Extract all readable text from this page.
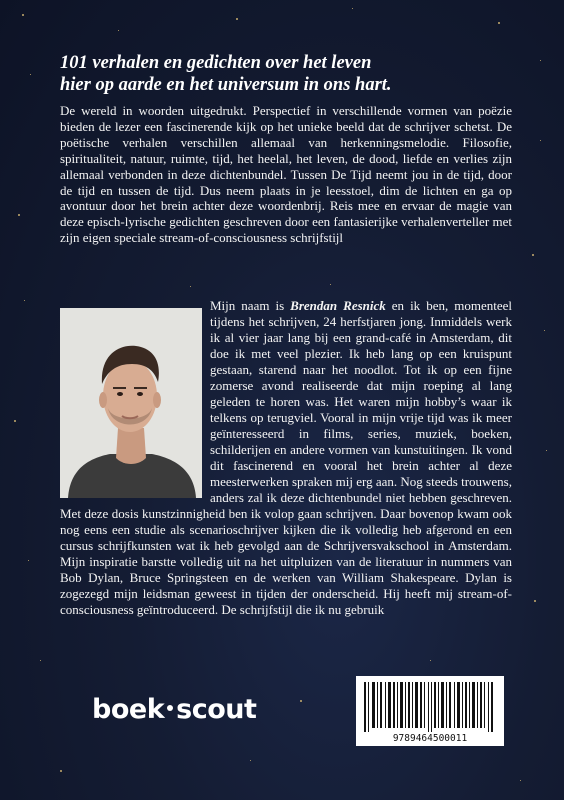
101 verhalen en gedichten over het leven
hier op aarde en het universum in ons hart.

De wereld in woorden uitgedrukt. Perspectief in verschillende vormen van poëzie bieden de lezer een fascinerende kijk op het unieke beeld dat de schrijver schetst. De poëtische verhalen verschillen allemaal van herkenningsmelodie. Filosofie, spiritualiteit, natuur, ruimte, tijd, het heelal, het leven, de dood, liefde en verlies zijn allemaal verbonden in deze dichtenbundel. Tussen De Tijd neemt jou in de tijd, door de tijd en tussen de tijd. Dus neem plaats in je leesstoel, dim de lichten en ga op avontuur door het brein achter deze woordenbrij. Reis mee en ervaar de magie van deze episch-lyrische gedichten geschreven door een fantasierijke verhalenverteller met zijn eigen speciale stream-of-consciousness schrijfstijl

Mijn naam is Brendan Resnick en ik ben, momenteel tijdens het schrijven, 24 herfstjaren jong. Inmiddels werk ik al vier jaar lang bij een grand-café in Amsterdam, dit doe ik met veel plezier. Ik heb lang op een kruispunt gestaan, starend naar het noodlot. Tot ik op een fijne zomerse avond realiseerde dat mijn roeping al lang geleden te horen was. Het waren mijn hobby’s waar ik telkens op terugviel. Vooral in mijn vrije tijd was ik meer geïnteresseerd in films, series, muziek, boeken, schilderijen en andere vormen van kunstuitingen. Ik vond dit fascinerend en vooral het brein achter al deze meesterwerken spraken mij erg aan. Nog steeds trouwens, anders zal ik deze dichtenbundel niet hebben geschreven. Met deze dosis kunstzinnigheid ben ik volop gaan schrijven. Daar bovenop kwam ook nog eens een studie als scenarioschrijver kijken die ik volledig heb afgerond en een cursus schrijfkunsten wat ik heb gevolgd aan de Schrijversvakschool in Amsterdam. Mijn inspiratie barstte volledig uit na het uitpluizen van de literatuur in nummers van Bob Dylan, Bruce Springsteen en de werken van William Shakespeare. Dylan is zogezegd mijn leidsman geweest in tijden der onderscheid. Hij heeft mij stream-of-consciousness geïntroduceerd. De schrijfstijl die ik nu gebruik

boek scout
9789464500011
